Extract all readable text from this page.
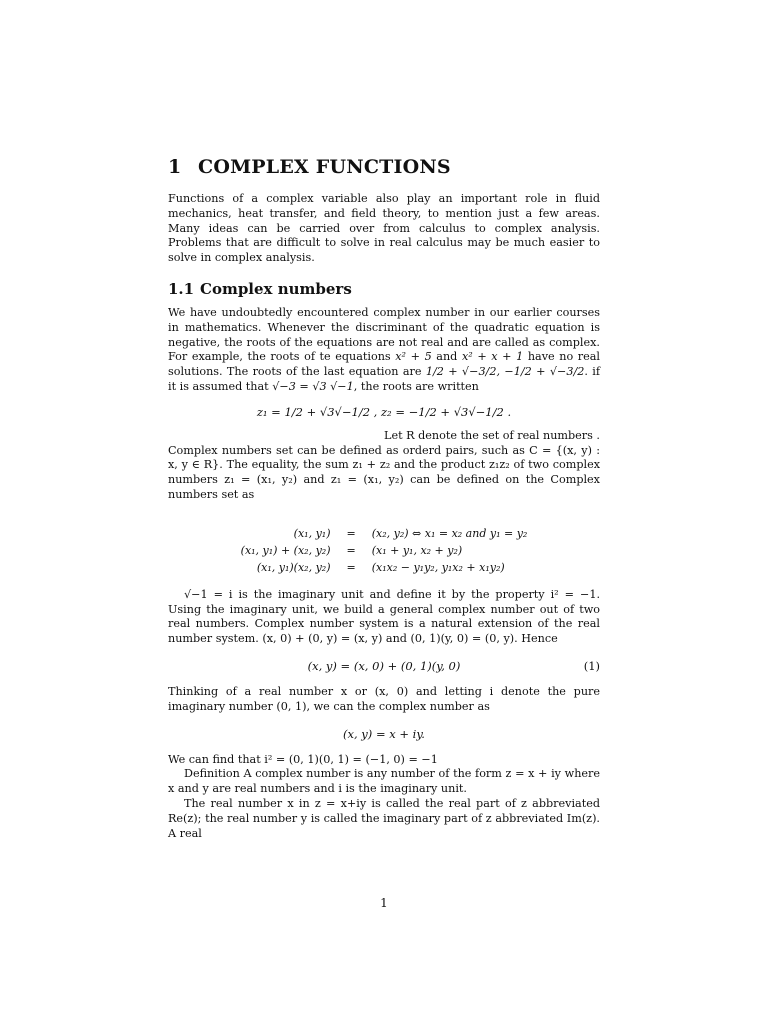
1 COMPLEX FUNCTIONS

Functions of a complex variable also play an important role in fluid mechanics, heat transfer, and field theory, to mention just a few areas. Many ideas can be carried over from calculus to complex analysis. Problems that are difficult to solve in real calculus may be much easier to solve in complex analysis.

1.1 Complex numbers

We have undoubtedly encountered complex number in our earlier courses in mathematics. Whenever the discriminant of the quadratic equation is negative, the roots of the equations are not real and are called as complex. For example, the roots of te equations x² + 5 and x² + x + 1 have no real solutions. The roots of the last equation are 1/2 + √−3/2, −1/2 + √−3/2. if it is assumed that √−3 = √3 √−1, the roots are written

z₁ = 1/2 + √3√−1/2 , z₂ = −1/2 + √3√−1/2 .

Let R denote the set of real numbers .

Complex numbers set can be defined as orderd pairs, such as C = {(x, y) : x, y ∈ R}. The equality, the sum z₁ + z₂ and the product z₁z₂ of two complex numbers z₁ = (x₁, y₂) and z₁ = (x₁, y₂) can be defined on the Complex numbers set as

(x₁, y₁)	=	(x₂, y₂) ⇔ x₁ = x₂ and y₁ = y₂
(x₁, y₁) + (x₂, y₂)	=	(x₁ + y₁, x₂ + y₂)
(x₁, y₁)(x₂, y₂)	=	(x₁x₂ − y₁y₂, y₁x₂ + x₁y₂)

√−1 = i is the imaginary unit and define it by the property i² = −1. Using the imaginary unit, we build a general complex number out of two real numbers. Complex number system is a natural extension of the real number system. (x, 0) + (0, y) = (x, y) and (0, 1)(y, 0) = (0, y). Hence

(x, y) = (x, 0) + (0, 1)(y, 0)	(1)

Thinking of a real number x or (x, 0) and letting i denote the pure imaginary number (0, 1), we can the complex number as

(x, y) = x + iy.

We can find that i² = (0, 1)(0, 1) = (−1, 0) = −1

Definition A complex number is any number of the form z = x + iy where x and y are real numbers and i is the imaginary unit.

The real number x in z = x+iy is called the real part of z abbreviated Re(z); the real number y is called the imaginary part of z abbreviated Im(z). A real

1
